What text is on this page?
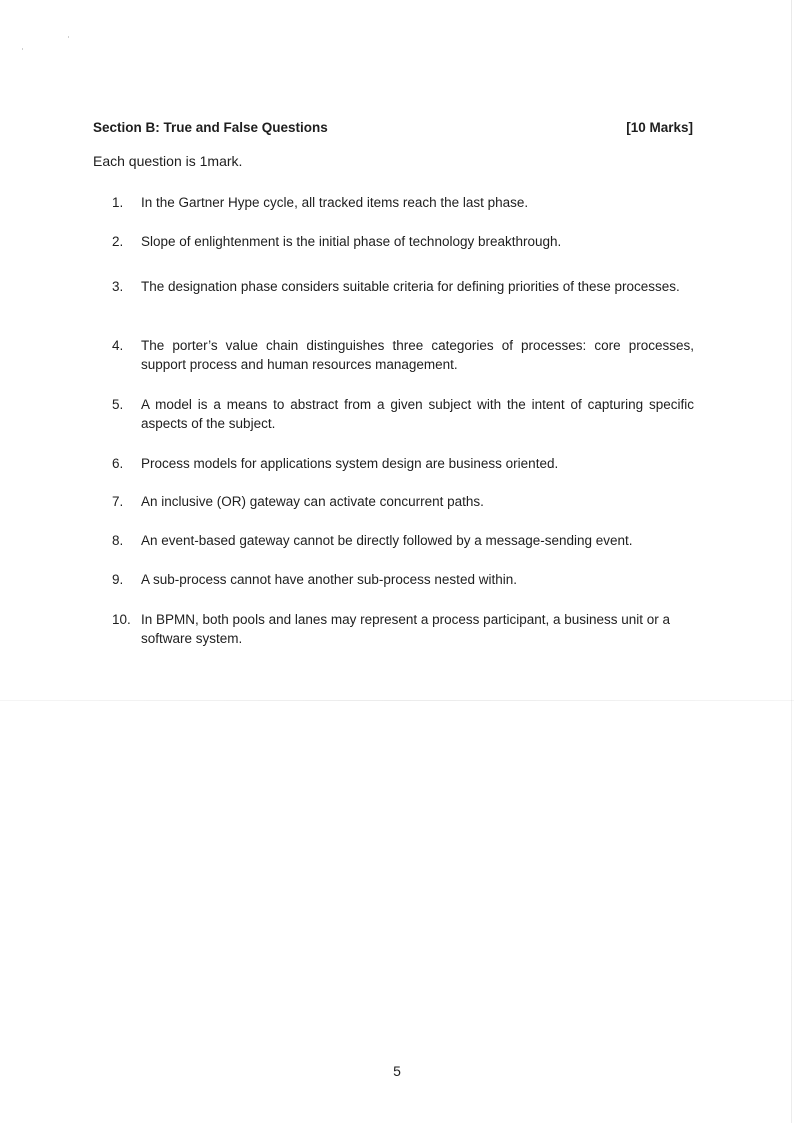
Section B: True and False Questions	[10 Marks]
Each question is 1mark.
1.	In the Gartner Hype cycle, all tracked items reach the last phase.
2.	Slope of enlightenment is the initial phase of technology breakthrough.
3.	The designation phase considers suitable criteria for defining priorities of these processes.
4.	The porter’s value chain distinguishes three categories of processes: core processes, support process and human resources management.
5.	A model is a means to abstract from a given subject with the intent of capturing specific aspects of the subject.
6.	Process models for applications system design are business oriented.
7.	An inclusive (OR) gateway can activate concurrent paths.
8.	An event-based gateway cannot be directly followed by a message-sending event.
9.	A sub-process cannot have another sub-process nested within.
10. In BPMN, both pools and lanes may represent a process participant, a business unit or a software system.
5
